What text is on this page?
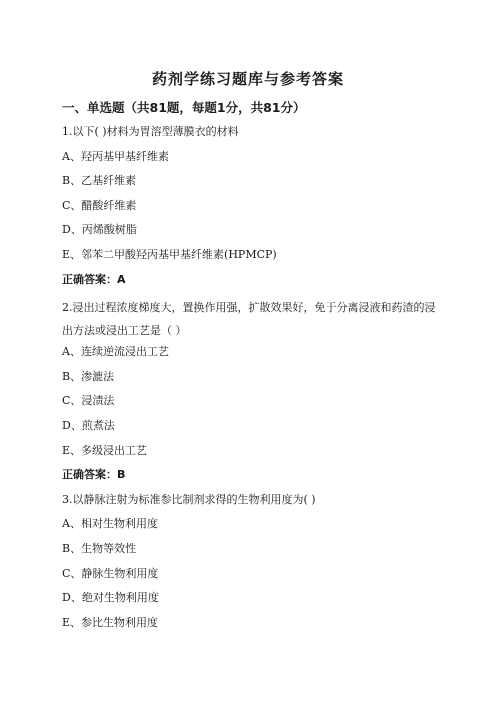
药剂学练习题库与参考答案
一、单选题（共81题，每题1分，共81分）
1.以下( )材料为胃溶型薄膜衣的材料
A、羟丙基甲基纤维素
B、乙基纤维素
C、醋酸纤维素
D、丙烯酸树脂
E、邻苯二甲酸羟丙基甲基纤维素(HPMCP)
正确答案：A
2.浸出过程浓度梯度大，置换作用强，扩散效果好，免于分离浸液和药渣的浸出方法或浸出工艺是（ ）
A、连续逆流浸出工艺
B、渗漉法
C、浸渍法
D、煎煮法
E、多级浸出工艺
正确答案：B
3.以静脉注射为标准参比制剂求得的生物利用度为( )
A、相对生物利用度
B、生物等效性
C、静脉生物利用度
D、绝对生物利用度
E、参比生物利用度
